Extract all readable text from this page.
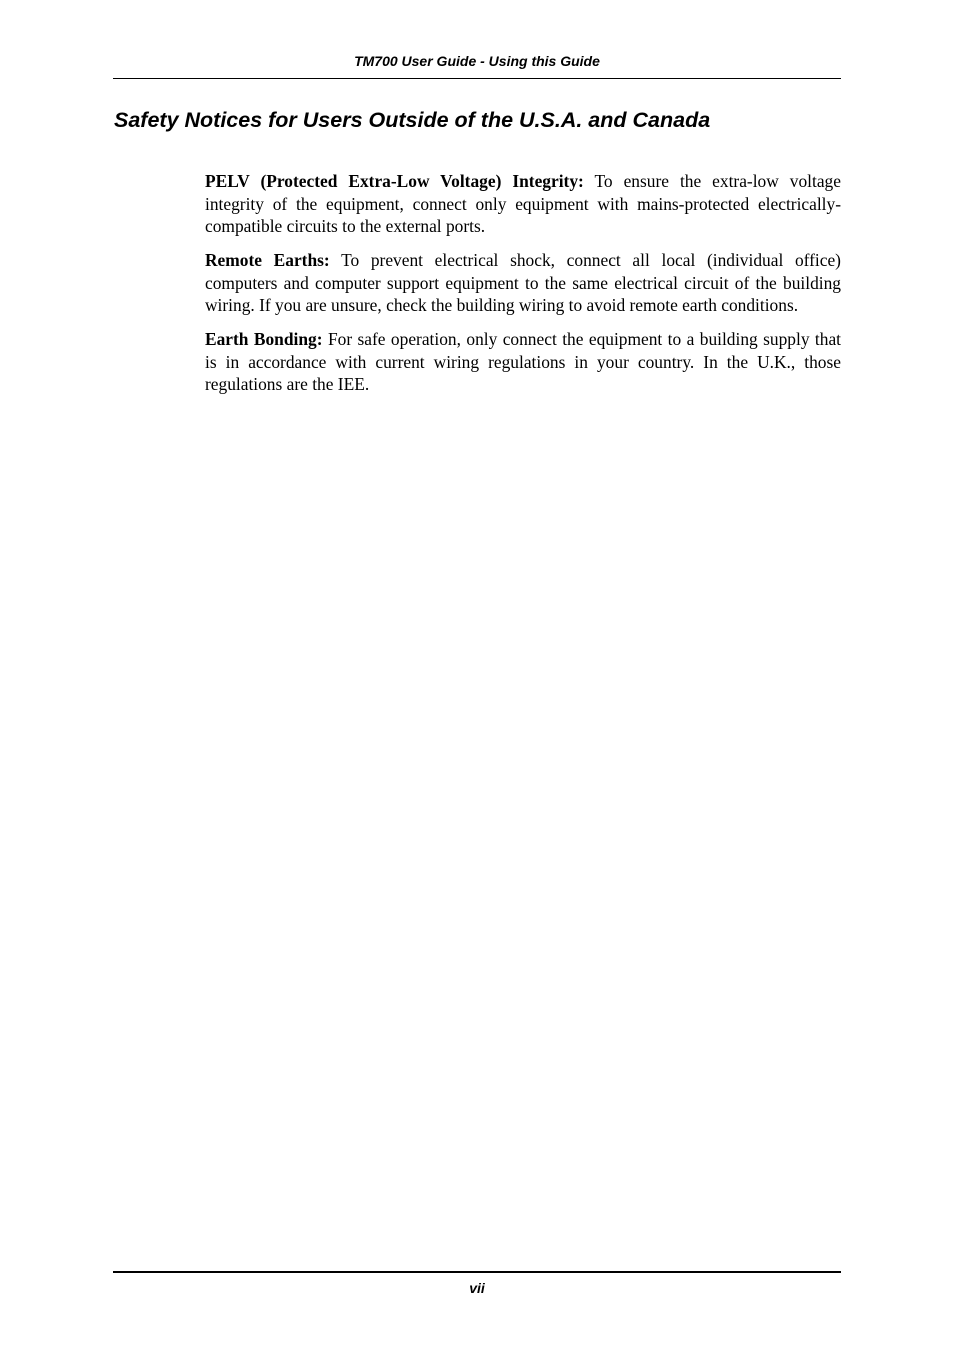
TM700 User Guide - Using this Guide
Safety Notices for Users Outside of the U.S.A. and Canada

PELV (Protected Extra-Low Voltage) Integrity: To ensure the extra-low voltage integrity of the equipment, connect only equipment with mains-protected electrically-compatible circuits to the external ports.

Remote Earths: To prevent electrical shock, connect all local (individual office) computers and computer support equipment to the same electrical circuit of the building wiring. If you are unsure, check the building wiring to avoid remote earth conditions.

Earth Bonding: For safe operation, only connect the equipment to a building supply that is in accordance with current wiring regulations in your country. In the U.K., those regulations are the IEE.

vii
